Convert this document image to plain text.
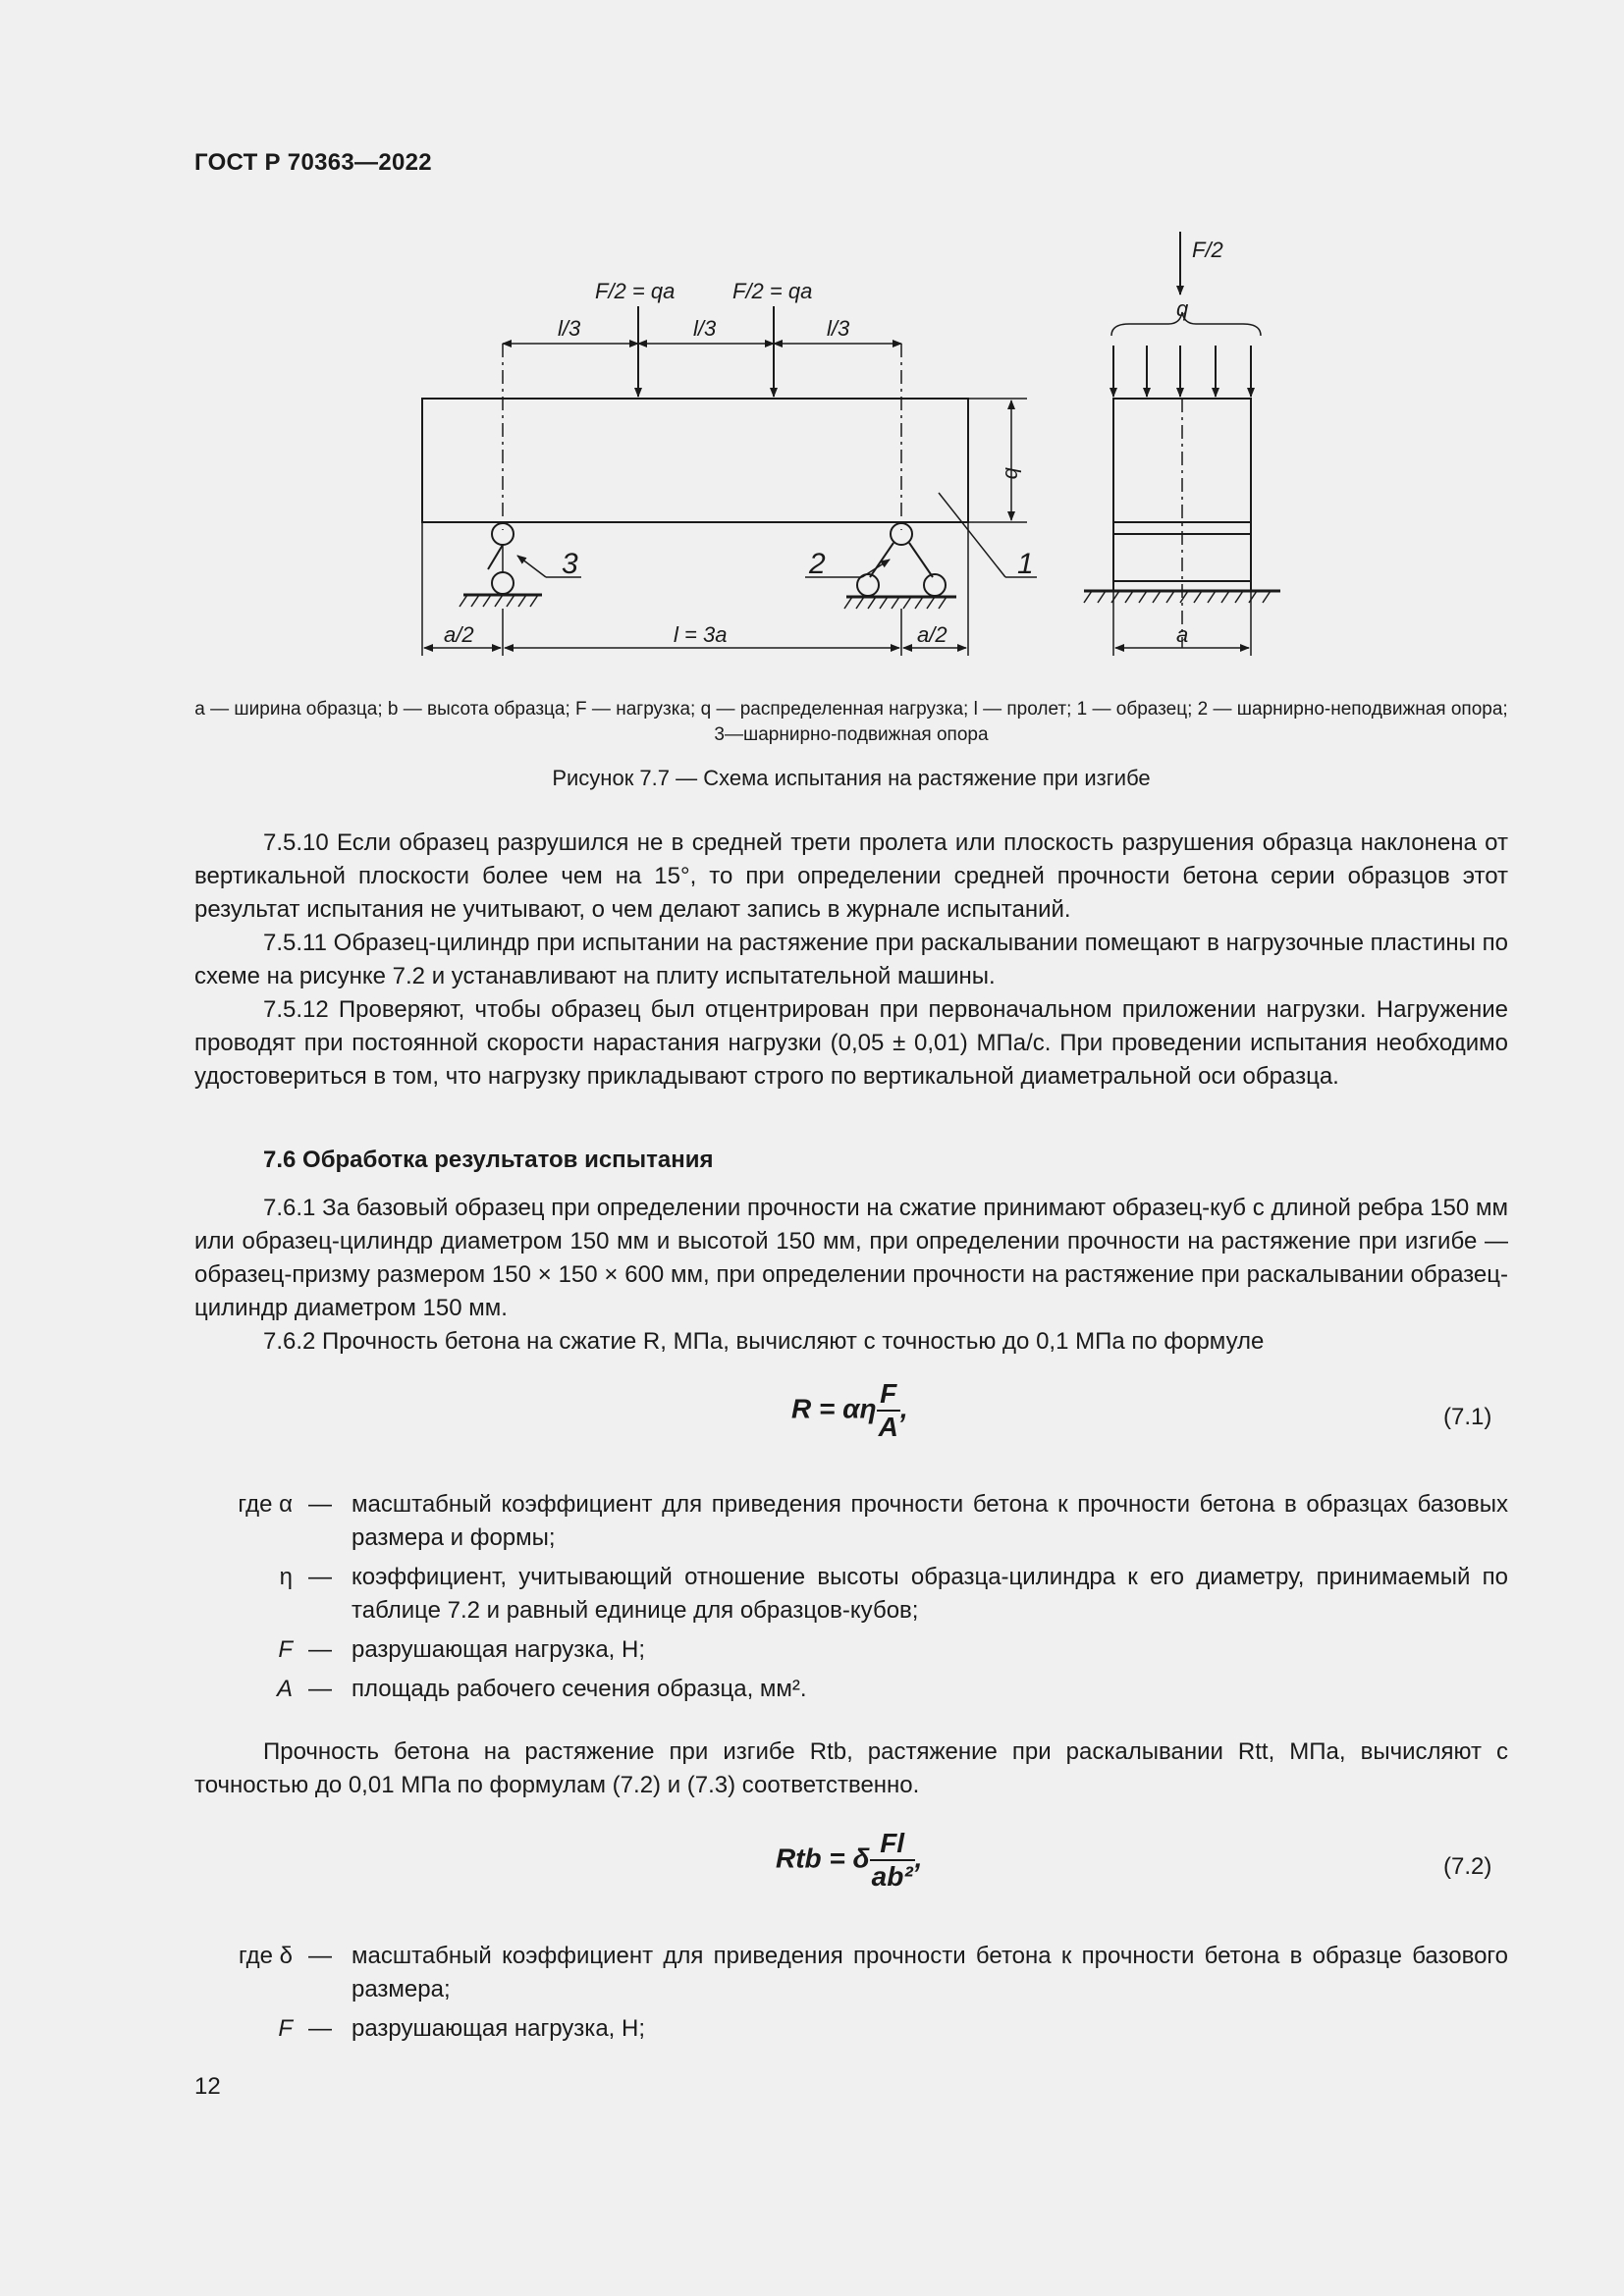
ГОСТ Р 70363—2022
F/2 = qa	F/2 = qa
l/3	l/3	l/3
b
3	2	1
a/2	l = 3a	a/2
F/2
q
a
a — ширина образца; b — высота образца; F — нагрузка; q — распределенная нагрузка; l — пролет; 1 — образец; 2 — шарнирно-неподвижная опора; 3—шарнирно-подвижная опора
Рисунок 7.7 — Схема испытания на растяжение при изгибе

7.5.10 Если образец разрушился не в средней трети пролета или плоскость разрушения образца наклонена от вертикальной плоскости более чем на 15°, то при определении средней прочности бетона серии образцов этот результат испытания не учитывают, о чем делают запись в журнале испытаний.

7.5.11 Образец-цилиндр при испытании на растяжение при раскалывании помещают в нагрузочные пластины по схеме на рисунке 7.2 и устанавливают на плиту испытательной машины.

7.5.12 Проверяют, чтобы образец был отцентрирован при первоначальном приложении нагрузки. Нагружение проводят при постоянной скорости нарастания нагрузки (0,05 ± 0,01) МПа/с. При проведении испытания необходимо удостовериться в том, что нагрузку прикладывают строго по вертикальной диаметральной оси образца.

7.6 Обработка результатов испытания

7.6.1 За базовый образец при определении прочности на сжатие принимают образец-куб с длиной ребра 150 мм или образец-цилиндр диаметром 150 мм и высотой 150 мм, при определении прочности на растяжение при изгибе — образец-призму размером 150 × 150 × 600 мм, при определении прочности на растяжение при раскалывании образец-цилиндр диаметром 150 мм.

7.6.2 Прочность бетона на сжатие R, МПа, вычисляют с точностью до 0,1 МПа по формуле

R = αη $\frac{F}{A}$ ,	(7.1)
где α — масштабный коэффициент для приведения прочности бетона к прочности бетона в образцах базовых размера и формы;
η — коэффициент, учитывающий отношение высоты образца-цилиндра к его диаметру, принимаемый по таблице 7.2 и равный единице для образцов-кубов;
F — разрушающая нагрузка, Н;
A — площадь рабочего сечения образца, мм².

Прочность бетона на растяжение при изгибе Rtb, растяжение при раскалывании Rtt, МПа, вычисляют с точностью до 0,01 МПа по формулам (7.2) и (7.3) соответственно.

Rtb = δ $\frac{Fl}{\text{ab²}}$ ,	(7.2)
где δ — масштабный коэффициент для приведения прочности бетона к прочности бетона в образце базового размера;
F — разрушающая нагрузка, Н;
12
